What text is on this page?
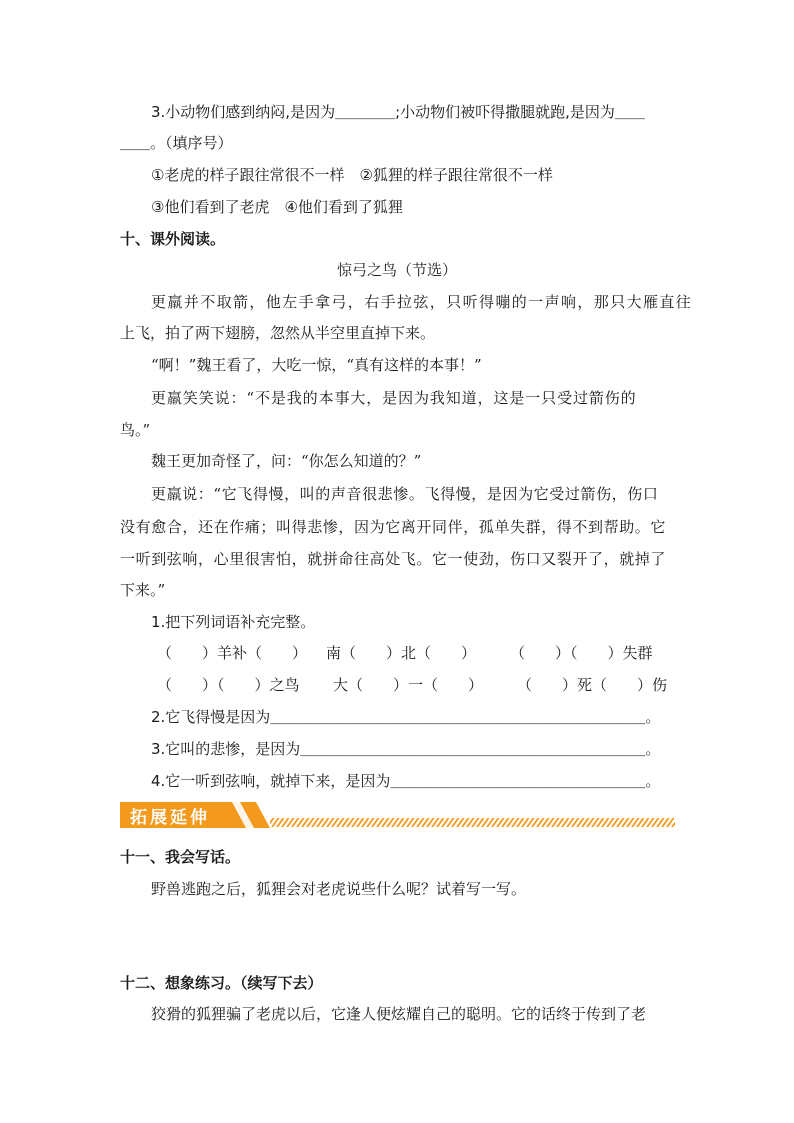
3.小动物们感到纳闷,是因为＿＿＿＿;小动物们被吓得撒腿就跑,是因为＿＿
＿＿。（填序号）
①老虎的样子跟往常很不一样　②狐狸的样子跟往常很不一样
③他们看到了老虎　④他们看到了狐狸
十、课外阅读。
惊弓之鸟（节选）
更羸并不取箭，他左手拿弓，右手拉弦，只听得嘣的一声响，那只大雁直往
上飞，拍了两下翅膀，忽然从半空里直掉下来。
“啊！”魏王看了，大吃一惊，“真有这样的本事！”
更羸笑笑说：“不是我的本事大，是因为我知道，这是一只受过箭伤的
鸟。”
魏王更加奇怪了，问：“你怎么知道的？”
更羸说：“它飞得慢，叫的声音很悲惨。飞得慢，是因为它受过箭伤，伤口
没有愈合，还在作痛；叫得悲惨，因为它离开同伴，孤单失群，得不到帮助。它
一听到弦响，心里很害怕，就拼命往高处飞。它一使劲，伤口又裂开了，就掉了
下来。”
1.把下列词语补充完整。
（　　）羊补（　　） 南（　　）北（　　） （　　）（　　）失群
（　　）（　　）之鸟 大（　　）一（　　） （　　）死（　　）伤
2.它飞得慢是因为＿＿＿＿＿＿＿＿＿＿＿＿＿＿＿＿＿＿＿＿＿＿＿＿＿。
3.它叫的悲惨，是因为＿＿＿＿＿＿＿＿＿＿＿＿＿＿＿＿＿＿＿＿＿＿＿。
4.它一听到弦响，就掉下来，是因为＿＿＿＿＿＿＿＿＿＿＿＿＿＿＿＿＿。
拓展延伸
十一、我会写话。
野兽逃跑之后，狐狸会对老虎说些什么呢？试着写一写。
十二、想象练习。（续写下去）
狡猾的狐狸骗了老虎以后，它逢人便炫耀自己的聪明。它的话终于传到了老
